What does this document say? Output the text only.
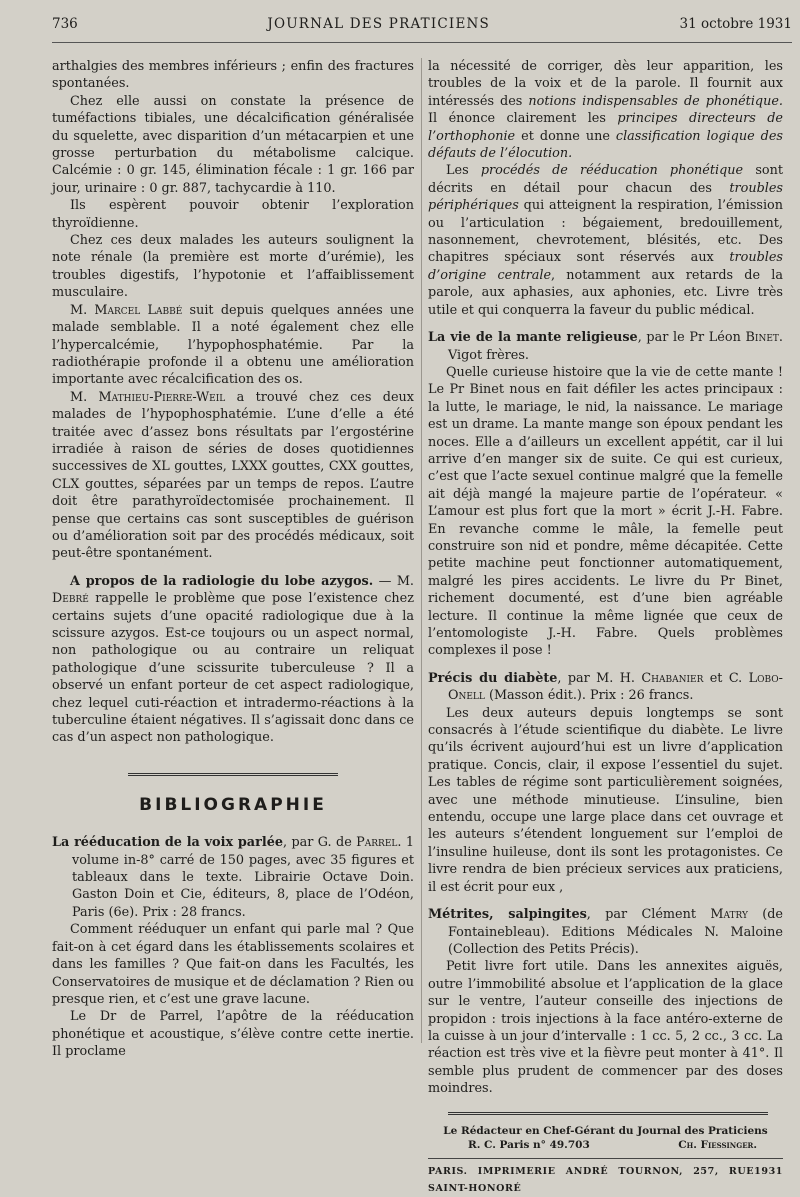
736	JOURNAL DES PRATICIENS	31 octobre 1931

arthalgies des membres inférieurs ; enfin des fractures spontanées.

Chez elle aussi on constate la présence de tuméfactions tibiales, une décalcification généralisée du squelette, avec disparition d’un métacarpien et une grosse perturbation du métabolisme calcique. Calcémie : 0 gr. 145, élimination fécale : 1 gr. 166 par jour, urinaire : 0 gr. 887, tachycardie à 110.

Ils espèrent pouvoir obtenir l’exploration thyroïdienne.

Chez ces deux malades les auteurs soulignent la note rénale (la première est morte d’urémie), les troubles digestifs, l’hypotonie et l’affaiblissement musculaire.

M. Marcel Labbé suit depuis quelques années une malade semblable. Il a noté également chez elle l’hypercalcémie, l’hypophosphatémie. Par la radiothérapie profonde il a obtenu une amélioration importante avec récalcification des os.

M. Mathieu-Pierre-Weil a trouvé chez ces deux malades de l’hypophosphatémie. L’une d’elle a été traitée avec d’assez bons résultats par l’ergostérine irradiée à raison de séries de doses quotidiennes successives de XL gouttes, LXXX gouttes, CXX gouttes, CLX gouttes, séparées par un temps de repos. L’autre doit être parathyroïdectomisée prochainement. Il pense que certains cas sont susceptibles de guérison ou d’amélioration soit par des procédés médicaux, soit peut-être spontanément.

A propos de la radiologie du lobe azygos. — M. Debré rappelle le problème que pose l’existence chez certains sujets d’une opacité radiologique due à la scissure azygos. Est-ce toujours ou un aspect normal, non pathologique ou au contraire un reliquat pathologique d’une scissurite tuberculeuse ? Il a observé un enfant porteur de cet aspect radiologique, chez lequel cuti-réaction et intradermo-réactions à la tuberculine étaient négatives. Il s’agissait donc dans ce cas d’un aspect non pathologique.

BIBLIOGRAPHIE

La rééducation de la voix parlée, par G. de Parrel. 1 volume in-8° carré de 150 pages, avec 35 figures et tableaux dans le texte. Librairie Octave Doin. Gaston Doin et Cie, éditeurs, 8, place de l’Odéon, Paris (6e). Prix : 28 francs.

Comment rééduquer un enfant qui parle mal ? Que fait-on à cet égard dans les établissements scolaires et dans les familles ? Que fait-on dans les Facultés, les Conservatoires de musique et de déclamation ? Rien ou presque rien, et c’est une grave lacune.

Le Dr de Parrel, l’apôtre de la rééducation phonétique et acoustique, s’élève contre cette inertie. Il proclame

la nécessité de corriger, dès leur apparition, les troubles de la voix et de la parole. Il fournit aux intéressés des notions indispensables de phonétique. Il énonce clairement les principes directeurs de l’orthophonie et donne une classification logique des défauts de l’élocution.

Les procédés de rééducation phonétique sont décrits en détail pour chacun des troubles périphériques qui atteignent la respiration, l’émission ou l’articulation : bégaiement, bredouillement, nasonnement, chevrotement, blésités, etc. Des chapitres spéciaux sont réservés aux troubles d’origine centrale, notamment aux retards de la parole, aux aphasies, aux aphonies, etc. Livre très utile et qui conquerra la faveur du public médical.

La vie de la mante religieuse, par le Pr Léon Binet. Vigot frères.

Quelle curieuse histoire que la vie de cette mante ! Le Pr Binet nous en fait défiler les actes principaux : la lutte, le mariage, le nid, la naissance. Le mariage est un drame. La mante mange son époux pendant les noces. Elle a d’ailleurs un excellent appétit, car il lui arrive d’en manger six de suite. Ce qui est curieux, c’est que l’acte sexuel continue malgré que la femelle ait déjà mangé la majeure partie de l’opérateur. « L’amour est plus fort que la mort » écrit J.-H. Fabre. En revanche comme le mâle, la femelle peut construire son nid et pondre, même décapitée. Cette petite machine peut fonctionner automatiquement, malgré les pires accidents. Le livre du Pr Binet, richement documenté, est d’une bien agréable lecture. Il continue la même lignée que ceux de l’entomologiste J.-H. Fabre. Quels problèmes complexes il pose !

Précis du diabète, par M. H. Chabanier et C. Lobo-Onell (Masson édit.). Prix : 26 francs.

Les deux auteurs depuis longtemps se sont consacrés à l’étude scientifique du diabète. Le livre qu’ils écrivent aujourd’hui est un livre d’application pratique. Concis, clair, il expose l’essentiel du sujet. Les tables de régime sont particulièrement soignées, avec une méthode minutieuse. L’insuline, bien entendu, occupe une large place dans cet ouvrage et les auteurs s’étendent longuement sur l’emploi de l’insuline huileuse, dont ils sont les protagonistes. Ce livre rendra de bien précieux services aux praticiens, il est écrit pour eux ,

Métrites, salpingites, par Clément Matry (de Fontainebleau). Editions Médicales N. Maloine (Collection des Petits Précis).

Petit livre fort utile. Dans les annexites aiguës, outre l’immobilité absolue et l’application de la glace sur le ventre, l’auteur conseille des injections de propidon : trois injections à la face antéro-externe de la cuisse à un jour d’intervalle : 1 cc. 5, 2 cc., 3 cc. La réaction est très vive et la fièvre peut monter à 41°. Il semble plus prudent de commencer par des doses moindres.

Le Rédacteur en Chef-Gérant du Journal des Praticiens
R. C. Paris n° 49.703	Ch. Fiessinger.
PARIS. IMPRIMERIE ANDRÉ TOURNON, 257, RUE SAINT-HONORÉ
1931
